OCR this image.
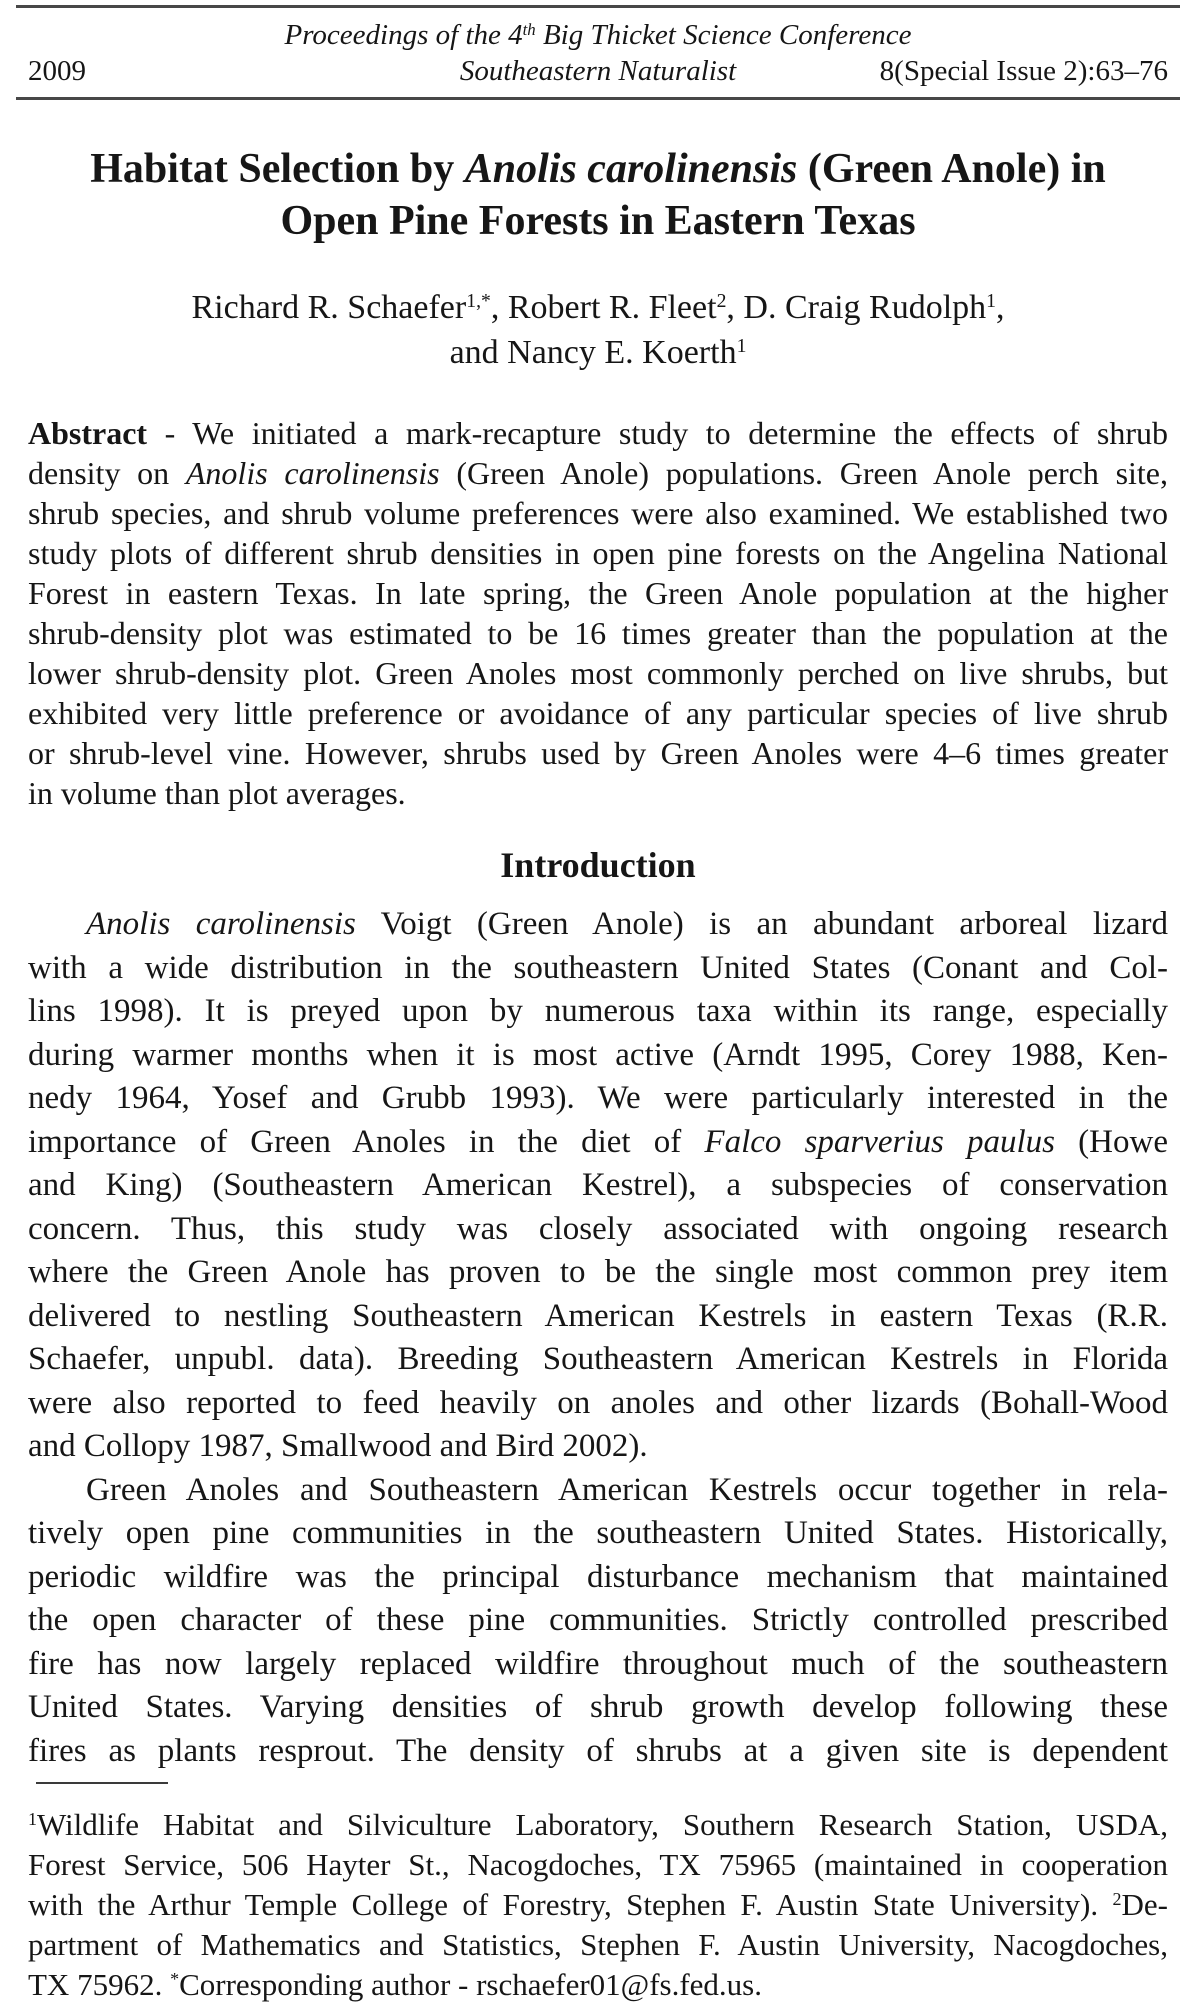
Proceedings of the 4th Big Thicket Science Conference
2009	Southeastern Naturalist	8(Special Issue 2):63–76
Habitat Selection by Anolis carolinensis (Green Anole) in
Open Pine Forests in Eastern Texas
Richard R. Schaefer$^{1,*}$, Robert R. Fleet$^2$, D. Craig Rudolph$^1$,
and Nancy E. Koerth$^1$
Abstract - We initiated a mark-recapture study to determine the effects of shrub
density on Anolis carolinensis (Green Anole) populations. Green Anole perch site,
shrub species, and shrub volume preferences were also examined. We established two
study plots of different shrub densities in open pine forests on the Angelina National
Forest in eastern Texas. In late spring, the Green Anole population at the higher
shrub-density plot was estimated to be 16 times greater than the population at the
lower shrub-density plot. Green Anoles most commonly perched on live shrubs, but
exhibited very little preference or avoidance of any particular species of live shrub
or shrub-level vine. However, shrubs used by Green Anoles were 4–6 times greater
in volume than plot averages.
Introduction
Anolis carolinensis Voigt (Green Anole) is an abundant arboreal lizard
with a wide distribution in the southeastern United States (Conant and Col-
lins 1998). It is preyed upon by numerous taxa within its range, especially
during warmer months when it is most active (Arndt 1995, Corey 1988, Ken-
nedy 1964, Yosef and Grubb 1993). We were particularly interested in the
importance of Green Anoles in the diet of Falco sparverius paulus (Howe
and King) (Southeastern American Kestrel), a subspecies of conservation
concern. Thus, this study was closely associated with ongoing research
where the Green Anole has proven to be the single most common prey item
delivered to nestling Southeastern American Kestrels in eastern Texas (R.R.
Schaefer, unpubl. data). Breeding Southeastern American Kestrels in Florida
were also reported to feed heavily on anoles and other lizards (Bohall-Wood
and Collopy 1987, Smallwood and Bird 2002).
Green Anoles and Southeastern American Kestrels occur together in rela-
tively open pine communities in the southeastern United States. Historically,
periodic wildfire was the principal disturbance mechanism that maintained
the open character of these pine communities. Strictly controlled prescribed
fire has now largely replaced wildfire throughout much of the southeastern
United States. Varying densities of shrub growth develop following these
fires as plants resprout. The density of shrubs at a given site is dependent
$^1$Wildlife Habitat and Silviculture Laboratory, Southern Research Station, USDA,
Forest Service, 506 Hayter St., Nacogdoches, TX 75965 (maintained in cooperation
with the Arthur Temple College of Forestry, Stephen F. Austin State University). $^2$De-
partment of Mathematics and Statistics, Stephen F. Austin University, Nacogdoches,
TX 75962. *Corresponding author - rschaefer01@fs.fed.us.
